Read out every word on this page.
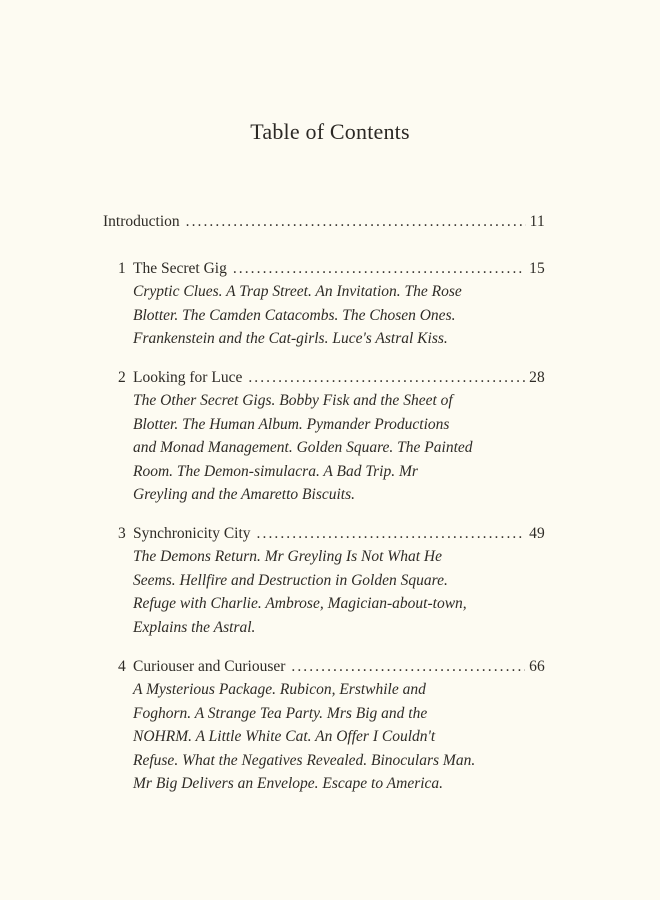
Table of Contents
Introduction . . .	11
1 The Secret Gig . . .	15
Cryptic Clues. A Trap Street. An Invitation. The Rose
Blotter. The Camden Catacombs. The Chosen Ones.
Frankenstein and the Cat-girls. Luce's Astral Kiss.
2 Looking for Luce . . .	28
The Other Secret Gigs. Bobby Fisk and the Sheet of
Blotter. The Human Album. Pymander Productions
and Monad Management. Golden Square. The Painted
Room. The Demon-simulacra. A Bad Trip. Mr
Greyling and the Amaretto Biscuits.
3 Synchronicity City . . .	49
The Demons Return. Mr Greyling Is Not What He
Seems. Hellfire and Destruction in Golden Square.
Refuge with Charlie. Ambrose, Magician-about-town,
Explains the Astral.
4 Curiouser and Curiouser . . .	66
A Mysterious Package. Rubicon, Erstwhile and
Foghorn. A Strange Tea Party. Mrs Big and the
NOHRM. A Little White Cat. An Offer I Couldn't
Refuse. What the Negatives Revealed. Binoculars Man.
Mr Big Delivers an Envelope. Escape to America.
